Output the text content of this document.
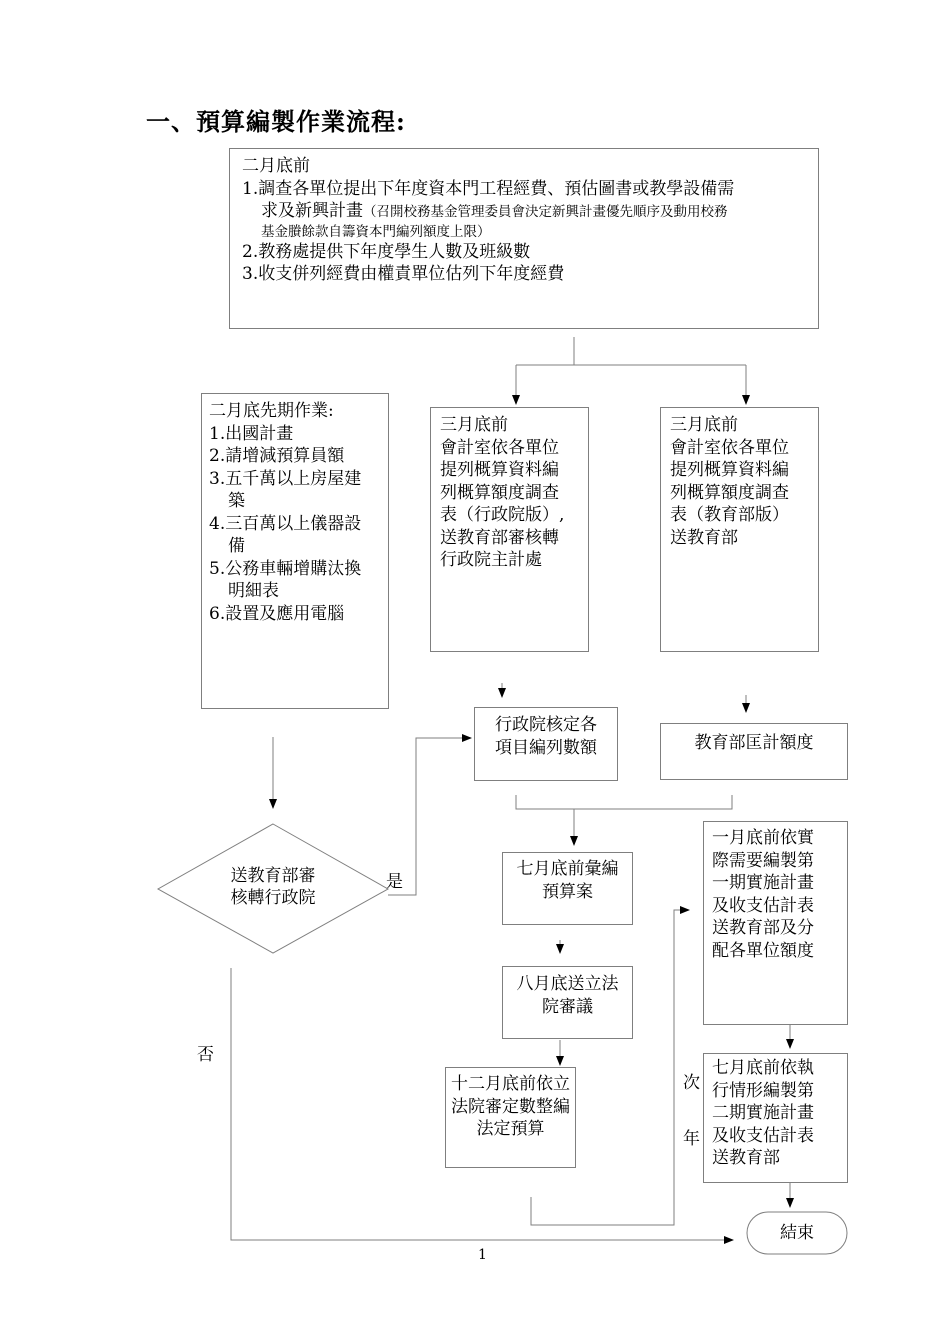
一、預算編製作業流程:
二月底前
1.調查各單位提出下年度資本門工程經費、預估圖書或教學設備需
求及新興計畫（召開校務基金管理委員會決定新興計畫優先順序及動用校務
基金賸餘款自籌資本門編列額度上限）
2.教務處提供下年度學生人數及班級數
3.收支併列經費由權責單位估列下年度經費
二月底先期作業:
1.出國計畫
2.請增減預算員額
3.五千萬以上房屋建
築
4.三百萬以上儀器設
備
5.公務車輛增購汰換
明細表
6.設置及應用電腦
三月底前
會計室依各單位
提列概算資料編
列概算額度調查
表（行政院版）,
送教育部審核轉
行政院主計處
三月底前
會計室依各單位
提列概算資料編
列概算額度調查
表（教育部版）
送教育部
行政院核定各
項目編列數額	教育部匡計額度
送教育部審
核轉行政院
是
否
七月底前彙編
預算案
八月底送立法
院審議
十二月底前依立
法院審定數整編
法定預算
一月底前依實
際需要編製第
一期實施計畫
及收支估計表
送教育部及分
配各單位額度
七月底前依執
行情形編製第
二期實施計畫
及收支估計表
送教育部
次
年
結束
1
